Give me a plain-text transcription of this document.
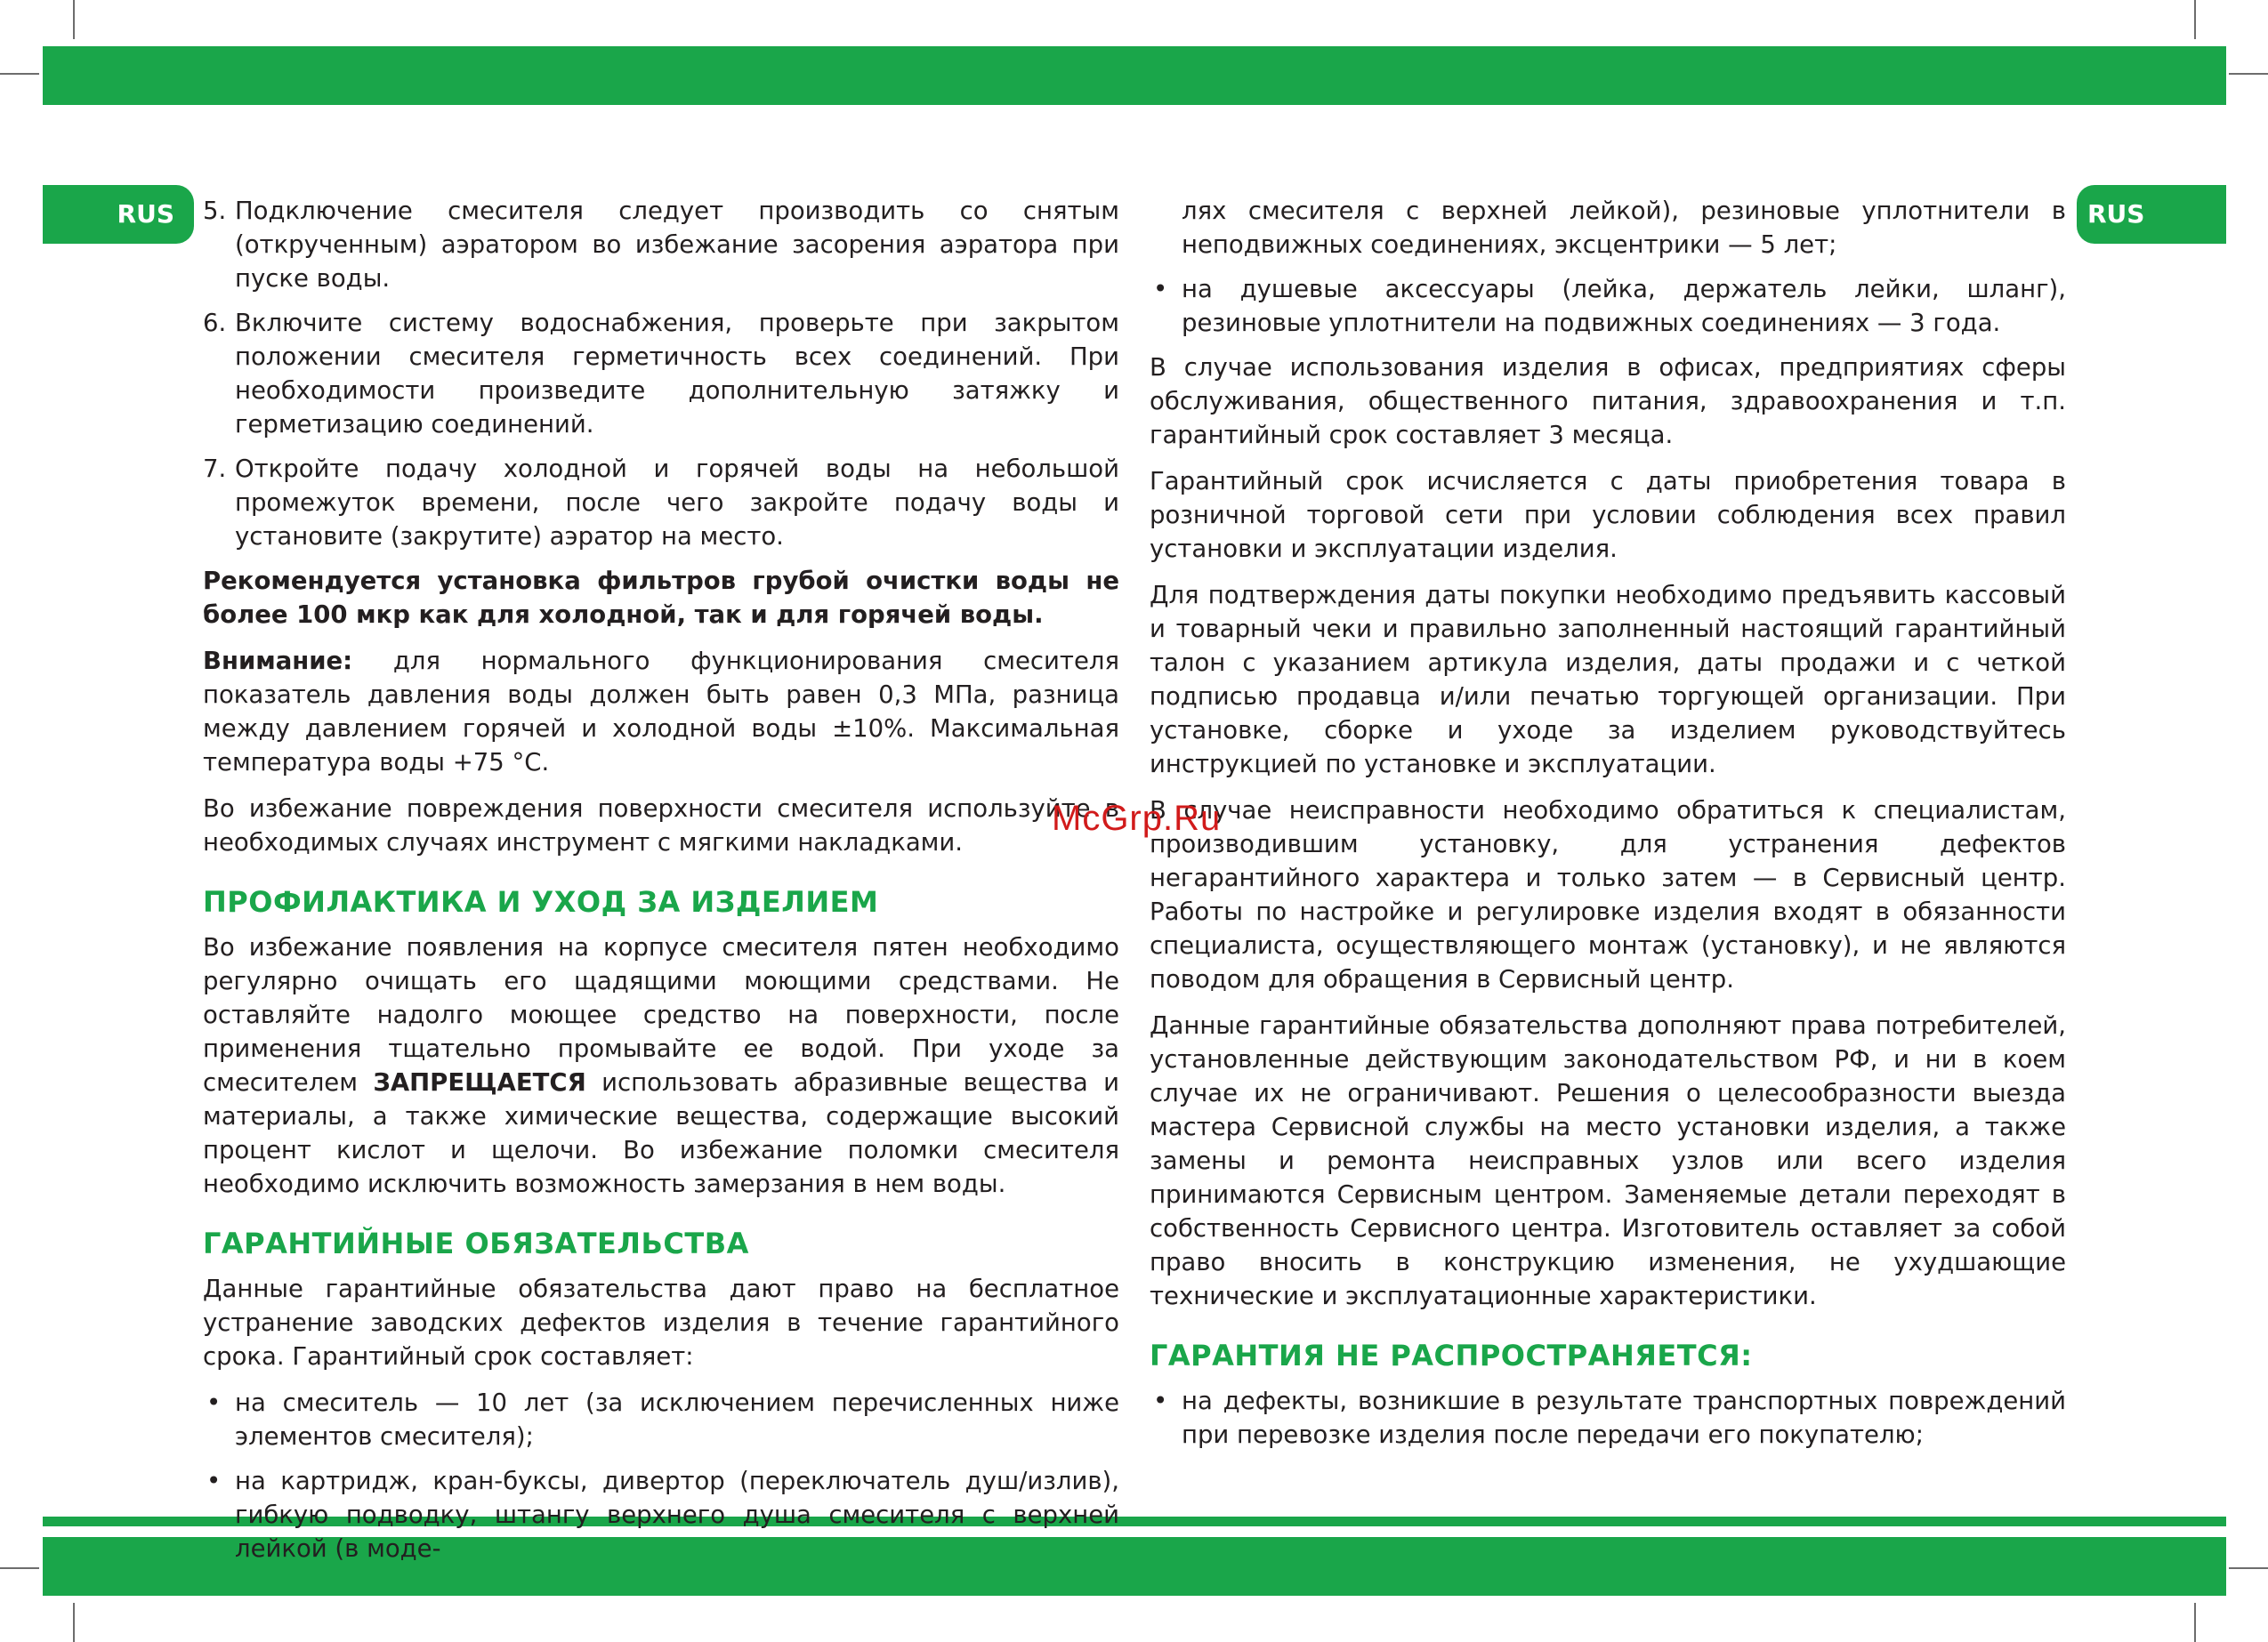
RUS	RUS
5. Подключение смесителя следует производить со снятым (открученным) аэратором во избежание засорения аэратора при пуске воды.
6. Включите систему водоснабжения, проверьте при закрытом положении смесителя герметичность всех соединений. При необходимости произведите дополнительную затяжку и герметизацию соединений.
7. Откройте подачу холодной и горячей воды на небольшой промежуток времени, после чего закройте подачу воды и установите (закрутите) аэратор на место.

Рекомендуется установка фильтров грубой очистки воды не более 100 мкр как для холодной, так и для горячей воды.

Внимание: для нормального функционирования смесителя показатель давления воды должен быть равен 0,3 МПа, разница между давлением горячей и холодной воды ±10%. Максимальная температура воды +75 °C.

Во избежание повреждения поверхности смесителя используйте в необходимых случаях инструмент с мягкими накладками.

ПРОФИЛАКТИКА И УХОД ЗА ИЗДЕЛИЕМ

Во избежание появления на корпусе смесителя пятен необходимо регулярно очищать его щадящими моющими средствами. Не оставляйте надолго моющее средство на поверхности, после применения тщательно промывайте ее водой. При уходе за смесителем ЗАПРЕЩАЕТСЯ использовать абразивные вещества и материалы, а также химические вещества, содержащие высокий процент кислот и щелочи. Во избежание поломки смесителя необходимо исключить возможность замерзания в нем воды.

ГАРАНТИЙНЫЕ ОБЯЗАТЕЛЬСТВА

Данные гарантийные обязательства дают право на бесплатное устранение заводских дефектов изделия в течение гарантийного срока. Гарантийный срок составляет:

• на смеситель — 10 лет (за исключением перечисленных ниже элементов смесителя);
• на картридж, кран-буксы, дивертор (переключатель душ/излив), гибкую подводку, штангу верхнего душа смесителя с верхней лейкой (в моде-
лях смесителя с верхней лейкой), резиновые уплотнители в неподвижных соединениях, эксцентрики — 5 лет;
• на душевые аксессуары (лейка, держатель лейки, шланг), резиновые уплотнители на подвижных соединениях — 3 года.

В случае использования изделия в офисах, предприятиях сферы обслуживания, общественного питания, здравоохранения и т.п. гарантийный срок составляет 3 месяца.

Гарантийный срок исчисляется с даты приобретения товара в розничной торговой сети при условии соблюдения всех правил установки и эксплуатации изделия.

Для подтверждения даты покупки необходимо предъявить кассовый и товарный чеки и правильно заполненный настоящий гарантийный талон с указанием артикула изделия, даты продажи и с четкой подписью продавца и/или печатью торгующей организации. При установке, сборке и уходе за изделием руководствуйтесь инструкцией по установке и эксплуатации.

В случае неисправности необходимо обратиться к специалистам, производившим установку, для устранения дефектов негарантийного характера и только затем — в Сервисный центр. Работы по настройке и регулировке изделия входят в обязанности специалиста, осуществляющего монтаж (установку), и не являются поводом для обращения в Сервисный центр.

Данные гарантийные обязательства дополняют права потребителей, установленные действующим законодательством РФ, и ни в коем случае их не ограничивают. Решения о целесообразности выезда мастера Сервисной службы на место установки изделия, а также замены и ремонта неисправных узлов или всего изделия принимаются Сервисным центром. Заменяемые детали переходят в собственность Сервисного центра. Изготовитель оставляет за собой право вносить в конструкцию изменения, не ухудшающие технические и эксплуатационные характеристики.

ГАРАНТИЯ НЕ РАСПРОСТРАНЯЕТСЯ:
• на дефекты, возникшие в результате транспортных повреждений при перевозке изделия после передачи его покупателю;
McGrp.Ru
